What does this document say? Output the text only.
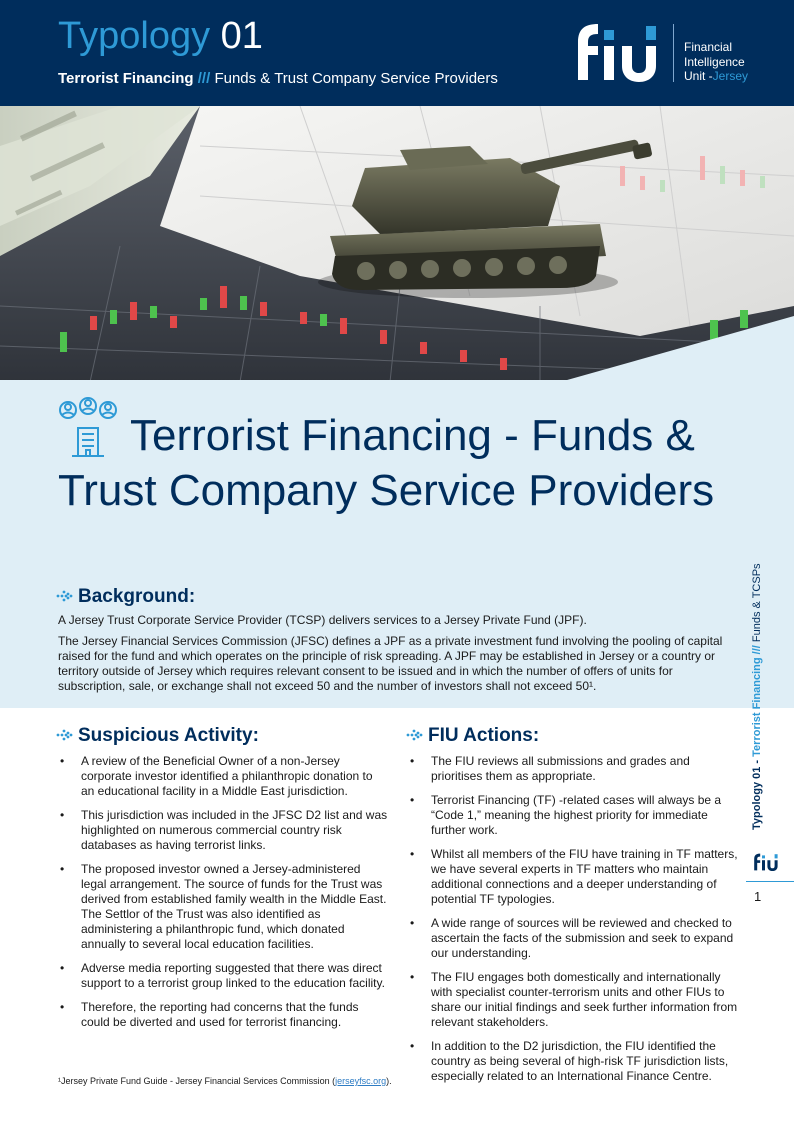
Typology 01
Terrorist Financing /// Funds & Trust Company Service Providers
Financial
Intelligence
Unit -Jersey
Terrorist Financing - Funds & Trust Company Service Providers
Background:
A Jersey Trust Corporate Service Provider (TCSP) delivers services to a Jersey Private Fund (JPF).
The Jersey Financial Services Commission (JFSC) defines a JPF as a private investment fund involving the pooling of capital raised for the fund and which operates on the principle of risk spreading. A JPF may be established in Jersey or a country or territory outside of Jersey which requires relevant consent to be issued and in which the number of offers of units for subscription, sale, or exchange shall not exceed 50 and the number of investors shall not exceed 50¹.
Suspicious Activity:
• A review of the Beneficial Owner of a non-Jersey corporate investor identified a philanthropic donation to an educational facility in a Middle East jurisdiction.
• This jurisdiction was included in the JFSC D2 list and was highlighted on numerous commercial country risk databases as having terrorist links.
• The proposed investor owned a Jersey-administered legal arrangement. The source of funds for the Trust was derived from established family wealth in the Middle East. The Settlor of the Trust was also identified as administering a philanthropic fund, which donated annually to several local education facilities.
• Adverse media reporting suggested that there was direct support to a terrorist group linked to the education facility.
• Therefore, the reporting had concerns that the funds could be diverted and used for terrorist financing.
FIU Actions:
• The FIU reviews all submissions and grades and prioritises them as appropriate.
• Terrorist Financing (TF) -related cases will always be a “Code 1,” meaning the highest priority for immediate further work.
• Whilst all members of the FIU have training in TF matters, we have several experts in TF matters who maintain additional connections and a deeper understanding of potential TF typologies.
• A wide range of sources will be reviewed and checked to ascertain the facts of the submission and seek to expand our understanding.
• The FIU engages both domestically and internationally with specialist counter-terrorism units and other FIUs to share our initial findings and seek further information from relevant stakeholders.
• In addition to the D2 jurisdiction, the FIU identified the country as being several of high-risk TF jurisdiction lists, especially related to an International Finance Centre.
¹Jersey Private Fund Guide - Jersey Financial Services Commission (jerseyfsc.org).
Typology 01 - Terrorist Financing /// Funds & TCSPs
1
